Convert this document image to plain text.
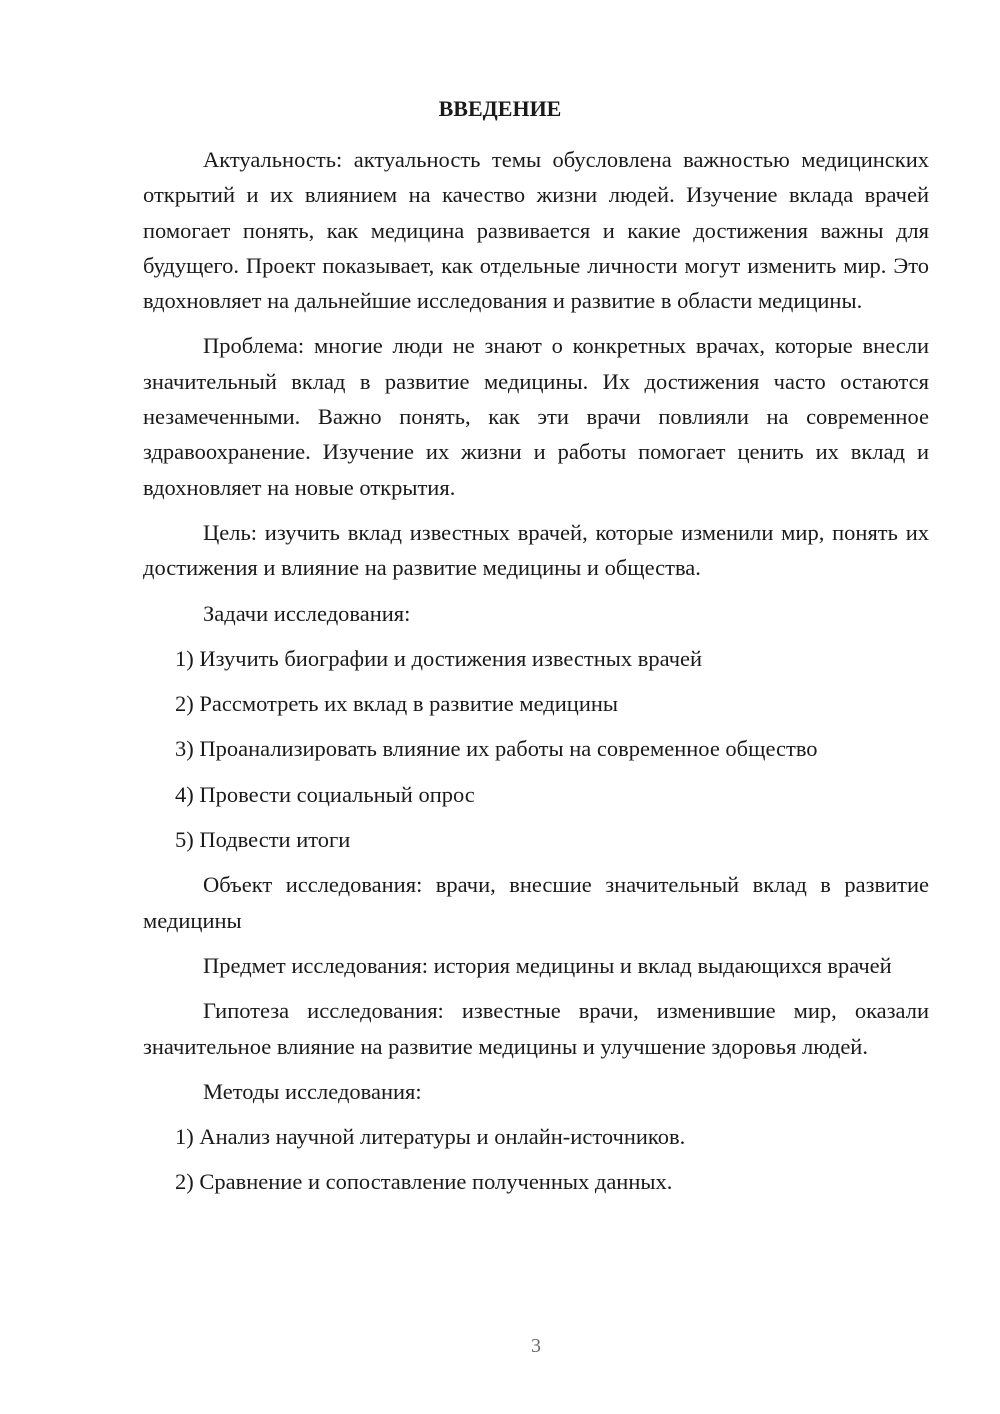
ВВЕДЕНИЕ

Актуальность: актуальность темы обусловлена важностью медицинских открытий и их влиянием на качество жизни людей. Изучение вклада врачей помогает понять, как медицина развивается и какие достижения важны для будущего. Проект показывает, как отдельные личности могут изменить мир. Это вдохновляет на дальнейшие исследования и развитие в области медицины.

Проблема: многие люди не знают о конкретных врачах, которые внесли значительный вклад в развитие медицины. Их достижения часто остаются незамеченными. Важно понять, как эти врачи повлияли на современное здравоохранение. Изучение их жизни и работы помогает ценить их вклад и вдохновляет на новые открытия.

Цель: изучить вклад известных врачей, которые изменили мир, понять их достижения и влияние на развитие медицины и общества.

Задачи исследования:

1) Изучить биографии и достижения известных врачей

2) Рассмотреть их вклад в развитие медицины

3) Проанализировать влияние их работы на современное общество

4) Провести социальный опрос

5) Подвести итоги

Объект исследования: врачи, внесшие значительный вклад в развитие медицины

Предмет исследования: история медицины и вклад выдающихся врачей

Гипотеза исследования: известные врачи, изменившие мир, оказали значительное влияние на развитие медицины и улучшение здоровья людей.

Методы исследования:

1) Анализ научной литературы и онлайн-источников.

2) Сравнение и сопоставление полученных данных.

3
